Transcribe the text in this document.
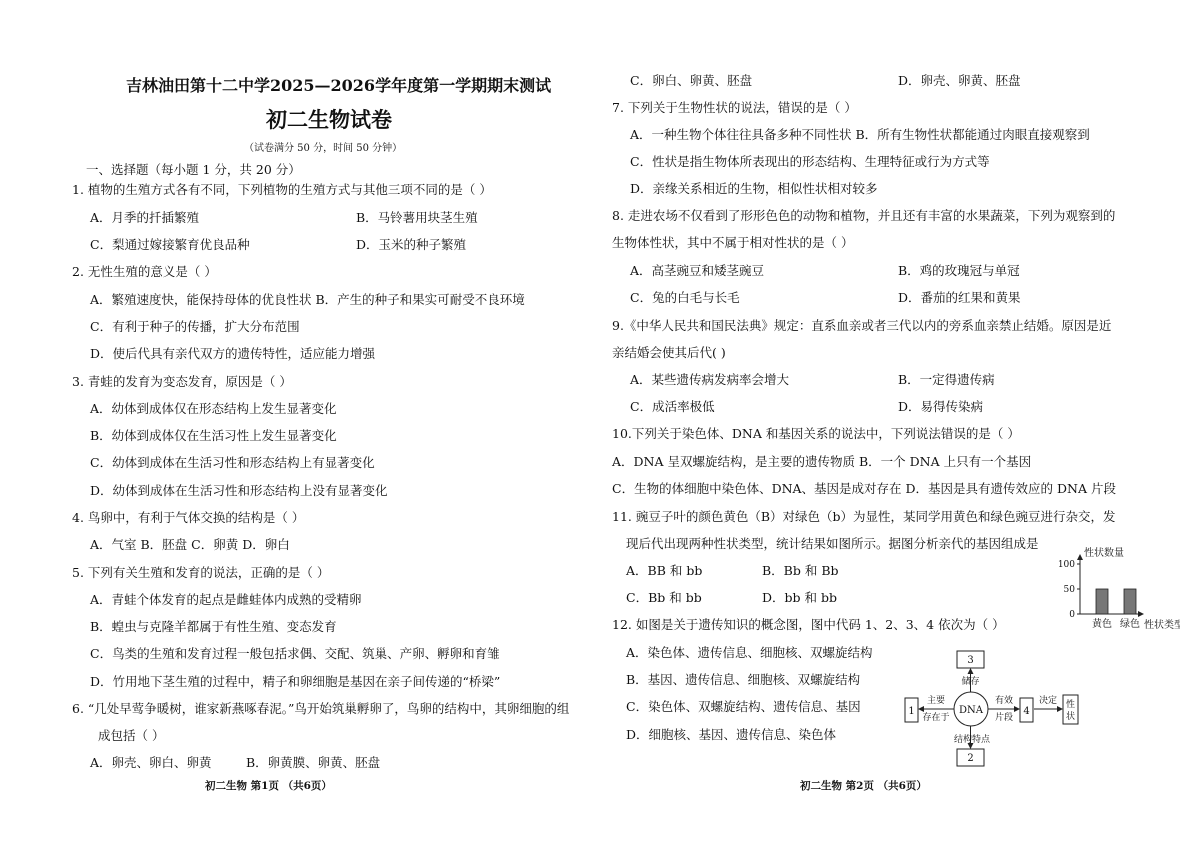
吉林油田第十二中学2025—2026学年度第一学期期末测试
初二生物试卷
（试卷满分 50 分，时间 50 分钟）
一、选择题（每小题 1 分，共 20 分）
1. 植物的生殖方式各有不同，下列植物的生殖方式与其他三项不同的是（ ）
A．月季的扦插繁殖	B．马铃薯用块茎生殖
C．梨通过嫁接繁育优良品种	D．玉米的种子繁殖
2. 无性生殖的意义是（ ）
A．繁殖速度快，能保持母体的优良性状 B．产生的种子和果实可耐受不良环境
C．有利于种子的传播，扩大分布范围
D．使后代具有亲代双方的遗传特性，适应能力增强
3. 青蛙的发育为变态发育，原因是（ ）
A．幼体到成体仅在形态结构上发生显著变化
B．幼体到成体仅在生活习性上发生显著变化
C．幼体到成体在生活习性和形态结构上有显著变化
D．幼体到成体在生活习性和形态结构上没有显著变化
4. 鸟卵中，有利于气体交换的结构是（ ）
A．气室 B．胚盘 C．卵黄 D．卵白
5. 下列有关生殖和发育的说法，正确的是（ ）
A．青蛙个体发育的起点是雌蛙体内成熟的受精卵
B．蝗虫与克隆羊都属于有性生殖、变态发育
C．鸟类的生殖和发育过程一般包括求偶、交配、筑巢、产卵、孵卵和育雏
D．竹用地下茎生殖的过程中，精子和卵细胞是基因在亲子间传递的“桥梁”
6. “几处早莺争暖树，谁家新燕啄春泥。”鸟开始筑巢孵卵了，鸟卵的结构中，其卵细胞的组
成包括（ ）
A．卵壳、卵白、卵黄	B．卵黄膜、卵黄、胚盘
初二生物 第1页 （共6页）
C．卵白、卵黄、胚盘	D．卵壳、卵黄、胚盘
7. 下列关于生物性状的说法，错误的是（ ）
A．一种生物个体往往具备多种不同性状 B．所有生物性状都能通过肉眼直接观察到
C．性状是指生物体所表现出的形态结构、生理特征或行为方式等
D．亲缘关系相近的生物，相似性状相对较多
8. 走进农场不仅看到了形形色色的动物和植物，并且还有丰富的水果蔬菜，下列为观察到的
生物体性状，其中不属于相对性状的是（ ）
A．高茎豌豆和矮茎豌豆	B．鸡的玫瑰冠与单冠
C．兔的白毛与长毛	D．番茄的红果和黄果
9.《中华人民共和国民法典》规定：直系血亲或者三代以内的旁系血亲禁止结婚。原因是近
亲结婚会使其后代( )
A．某些遗传病发病率会增大	B．一定得遗传病
C．成活率极低	D．易得传染病
10.下列关于染色体、DNA 和基因关系的说法中，下列说法错误的是（ ）
A．DNA 呈双螺旋结构，是主要的遗传物质 B．一个 DNA 上只有一个基因
C．生物的体细胞中染色体、DNA、基因是成对存在 D．基因是具有遗传效应的 DNA 片段
11. 豌豆子叶的颜色黄色（B）对绿色（b）为显性，某同学用黄色和绿色豌豆进行杂交，发
现后代出现两种性状类型，统计结果如图所示。据图分析亲代的基因组成是
A．BB 和 bb	B．Bb 和 Bb
C．Bb 和 bb	D．bb 和 bb
12. 如图是关于遗传知识的概念图，图中代码 1、2、3、4 依次为（ ）
A．染色体、遗传信息、细胞核、双螺旋结构
B．基因、遗传信息、细胞核、双螺旋结构
C．染色体、双螺旋结构、遗传信息、基因
D．细胞核、基因、遗传信息、染色体
初二生物 第2页 （共6页）
性状数量
性状类型
0
50
100
黄色 绿色
3
储存
DNA
1
主要
存在于
4
有效
片段
性
状
决定
2
结构特点
